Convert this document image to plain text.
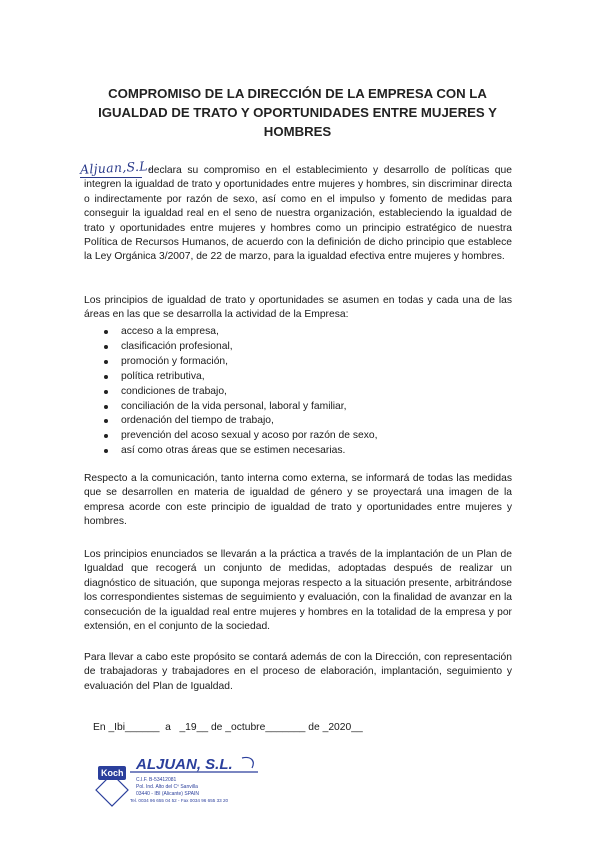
COMPROMISO DE LA DIRECCIÓN DE LA EMPRESA CON LA IGUALDAD DE TRATO Y OPORTUNIDADES ENTRE MUJERES Y HOMBRES
Aljuan,S.L.

declara su compromiso en el establecimiento y desarrollo de políticas que integren la igualdad de trato y oportunidades entre mujeres y hombres, sin discriminar directa o indirectamente por razón de sexo, así como en el impulso y fomento de medidas para conseguir la igualdad real en el seno de nuestra organización, estableciendo la igualdad de trato y oportunidades entre mujeres y hombres como un principio estratégico de nuestra Política de Recursos Humanos, de acuerdo con la definición de dicho principio que establece la Ley Orgánica 3/2007, de 22 de marzo, para la igualdad efectiva entre mujeres y hombres.

Los principios de igualdad de trato y oportunidades se asumen en todas y cada una de las áreas en las que se desarrolla la actividad de la Empresa:

acceso a la empresa,
clasificación profesional,
promoción y formación,
política retributiva,
condiciones de trabajo,
conciliación de la vida personal, laboral y familiar,
ordenación del tiempo de trabajo,
prevención del acoso sexual y acoso por razón de sexo,
así como otras áreas que se estimen necesarias.

Respecto a la comunicación, tanto interna como externa, se informará de todas las medidas que se desarrollen en materia de igualdad de género y se proyectará una imagen de la empresa acorde con este principio de igualdad de trato y oportunidades entre mujeres y hombres.

Los principios enunciados se llevarán a la práctica a través de la implantación de un Plan de Igualdad que recogerá un conjunto de medidas, adoptadas después de realizar un diagnóstico de situación, que suponga mejoras respecto a la situación presente, arbitrándose los correspondientes sistemas de seguimiento y evaluación, con la finalidad de avanzar en la consecución de la igualdad real entre mujeres y hombres en la totalidad de la empresa y por extensión, en el conjunto de la sociedad.

Para llevar a cabo este propósito se contará además de con la Dirección, con representación de trabajadoras y trabajadores en el proceso de elaboración, implantación, seguimiento y evaluación del Plan de Igualdad.

En _Ibi______  a   _19__ de _octubre_______ de _2020__
Koch ALJUAN, S.L.
C.I.F. B-53412081
Pol. Ind. Alto del Cº Sanvilla
03440 - IBI (Alicante) SPAIN
Tel. 0034 96 655 04 52 - Fax 0034 96 655 33 20
